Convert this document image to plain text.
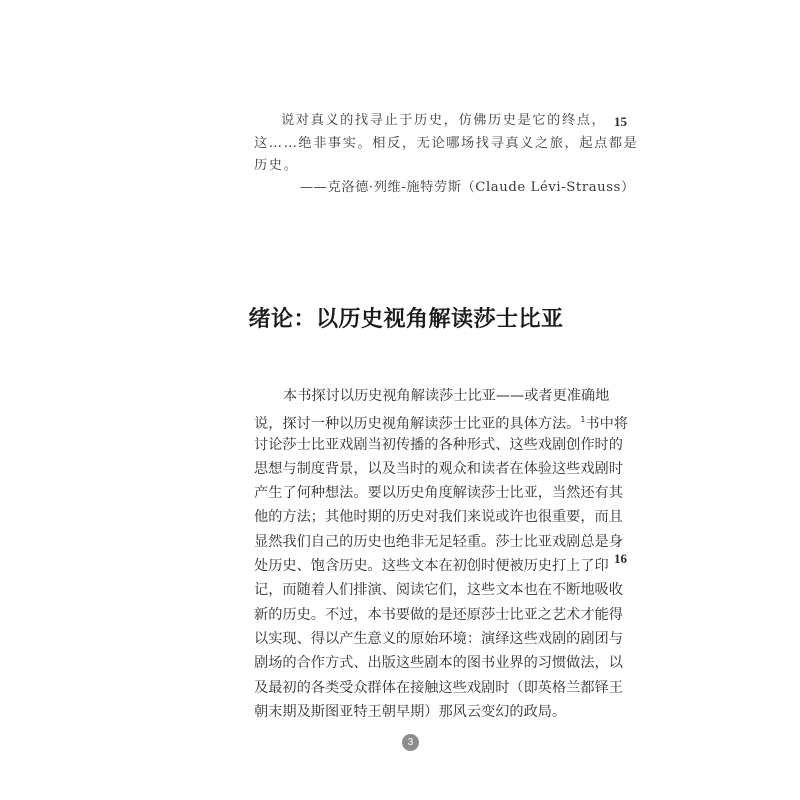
说对真义的找寻止于历史，仿佛历史是它的终点，
这……绝非事实。相反，无论哪场找寻真义之旅，起点都是
历史。
——克洛德·列维-施特劳斯（Claude Lévi-Strauss）
15
16
绪论：以历史视角解读莎士比亚
本书探讨以历史视角解读莎士比亚——或者更准确地
说，探讨一种以历史视角解读莎士比亚的具体方法。$^1$书中将
讨论莎士比亚戏剧当初传播的各种形式、这些戏剧创作时的
思想与制度背景，以及当时的观众和读者在体验这些戏剧时
产生了何种想法。要以历史角度解读莎士比亚，当然还有其
他的方法；其他时期的历史对我们来说或许也很重要，而且
显然我们自己的历史也绝非无足轻重。莎士比亚戏剧总是身
处历史、饱含历史。这些文本在初创时便被历史打上了印
记，而随着人们排演、阅读它们，这些文本也在不断地吸收
新的历史。不过，本书要做的是还原莎士比亚之艺术才能得
以实现、得以产生意义的原始环境：演绎这些戏剧的剧团与
剧场的合作方式、出版这些剧本的图书业界的习惯做法，以
及最初的各类受众群体在接触这些戏剧时（即英格兰都铎王
朝末期及斯图亚特王朝早期）那风云变幻的政局。
3
